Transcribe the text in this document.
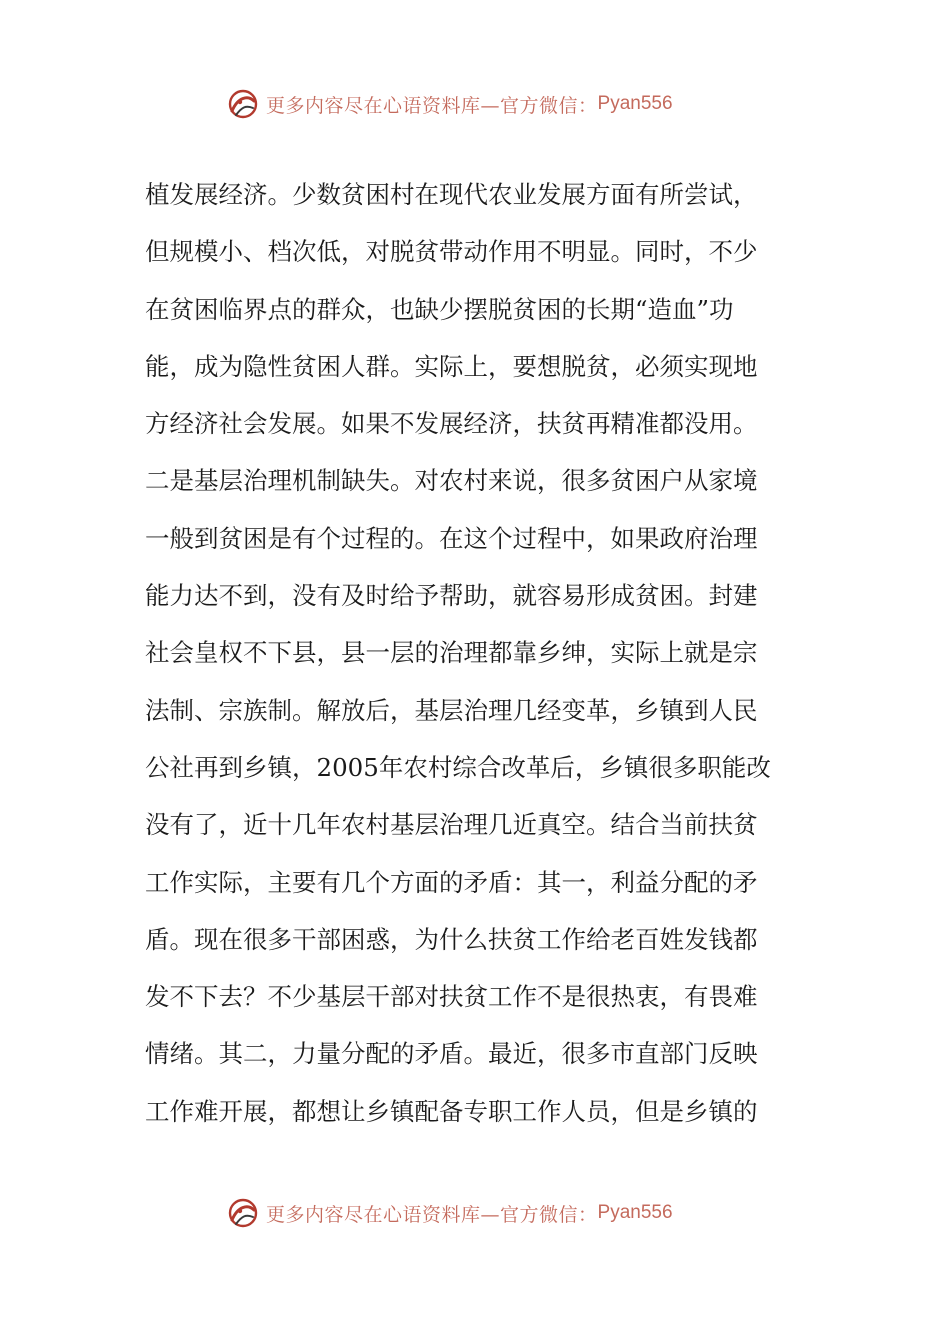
更多内容尽在心语资料库—官方微信： Pyan556
植发展经济。少数贫困村在现代农业发展方面有所尝试，
但规模小、档次低，对脱贫带动作用不明显。同时，不少
在贫困临界点的群众，也缺少摆脱贫困的长期“造血”功
能，成为隐性贫困人群。实际上，要想脱贫，必须实现地
方经济社会发展。如果不发展经济，扶贫再精准都没用。
二是基层治理机制缺失。对农村来说，很多贫困户从家境
一般到贫困是有个过程的。在这个过程中，如果政府治理
能力达不到，没有及时给予帮助，就容易形成贫困。封建
社会皇权不下县，县一层的治理都靠乡绅，实际上就是宗
法制、宗族制。解放后，基层治理几经变革，乡镇到人民
公社再到乡镇，2005年农村综合改革后，乡镇很多职能改
没有了，近十几年农村基层治理几近真空。结合当前扶贫
工作实际，主要有几个方面的矛盾：其一，利益分配的矛
盾。现在很多干部困惑，为什么扶贫工作给老百姓发钱都
发不下去？不少基层干部对扶贫工作不是很热衷，有畏难
情绪。其二，力量分配的矛盾。最近，很多市直部门反映
工作难开展，都想让乡镇配备专职工作人员，但是乡镇的
更多内容尽在心语资料库—官方微信： Pyan556
